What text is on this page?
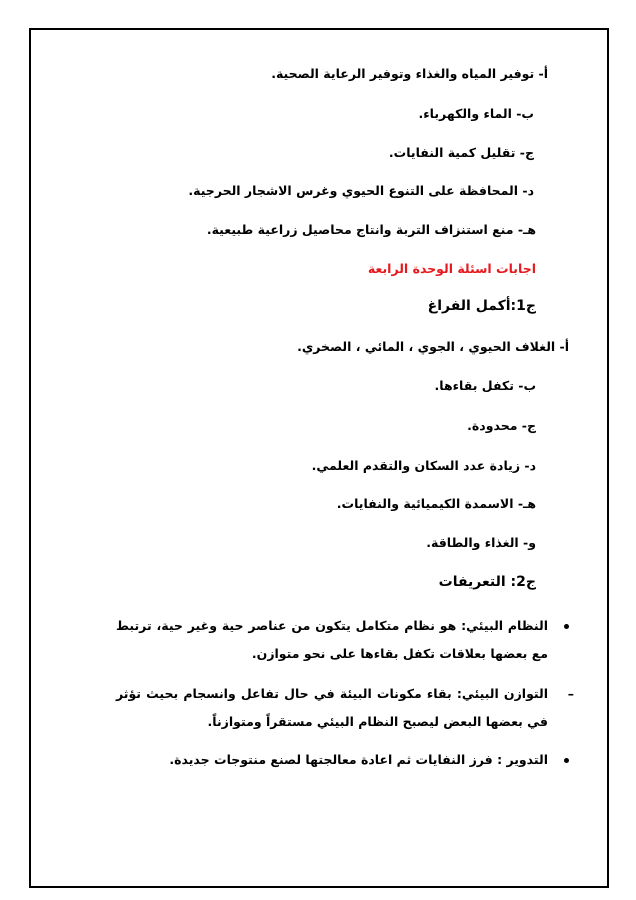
أ- توفير المياه والغذاء وتوفير الرعاية الصحية.
ب- الماء والكهرباء.
ج- تقليل كمية النفايات.
د- المحافظة على التنوع الحيوي وغرس الاشجار الحرجية.
هـ- منع استنزاف التربة وانتاج محاصيل زراعية طبيعية.
اجابات اسئلة الوحدة الرابعة
ج1:أكمل الفراغ
أ- الغلاف الحيوي ، الجوي ، المائي ، الصخري.
ب- تكفل بقاءها.
ج- محدودة.
د- زيادة عدد السكان والتقدم العلمي.
هـ- الاسمدة الكيميائية والنفايات.
و- الغذاء والطاقة.
ج2: التعريفات
النظام البيئي: هو نظام متكامل يتكون من عناصر حية وغير حية، ترتبط مع بعضها بعلاقات تكفل بقاءها على نحو متوازن.
–
التوازن البيئي: بقاء مكونات البيئة في حال تفاعل وانسجام بحيث تؤثر في بعضها البعض ليصبح النظام البيئي مستقراً ومتوازناً.
التدوير : فرز النفايات ثم اعادة معالجتها لصنع منتوجات جديدة.
